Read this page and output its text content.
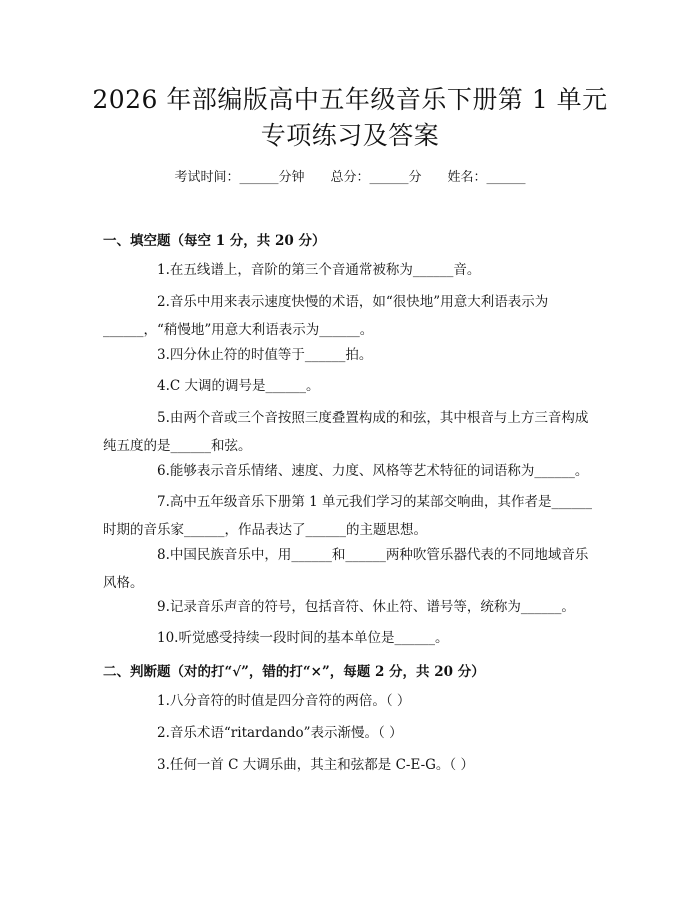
2026 年部编版高中五年级音乐下册第 1 单元
专项练习及答案
考试时间：______分钟 总分：______分 姓名：______
一、填空题（每空 1 分，共 20 分）
1.在五线谱上，音阶的第三个音通常被称为______音。
2.音乐中用来表示速度快慢的术语，如“很快地”用意大利语表示为______，“稍慢地”用意大利语表示为______。
3.四分休止符的时值等于______拍。
4.C 大调的调号是______。
5.由两个音或三个音按照三度叠置构成的和弦，其中根音与上方三音构成纯五度的是______和弦。
6.能够表示音乐情绪、速度、力度、风格等艺术特征的词语称为______。
7.高中五年级音乐下册第 1 单元我们学习的某部交响曲，其作者是______时期的音乐家______，作品表达了______的主题思想。
8.中国民族音乐中，用______和______两种吹管乐器代表的不同地域音乐风格。
9.记录音乐声音的符号，包括音符、休止符、谱号等，统称为______。
10.听觉感受持续一段时间的基本单位是______。
二、判断题（对的打“√”，错的打“×”，每题 2 分，共 20 分）
1.八分音符的时值是四分音符的两倍。（ ）
2.音乐术语“ritardando”表示渐慢。（ ）
3.任何一首 C 大调乐曲，其主和弦都是 C-E-G。（ ）
